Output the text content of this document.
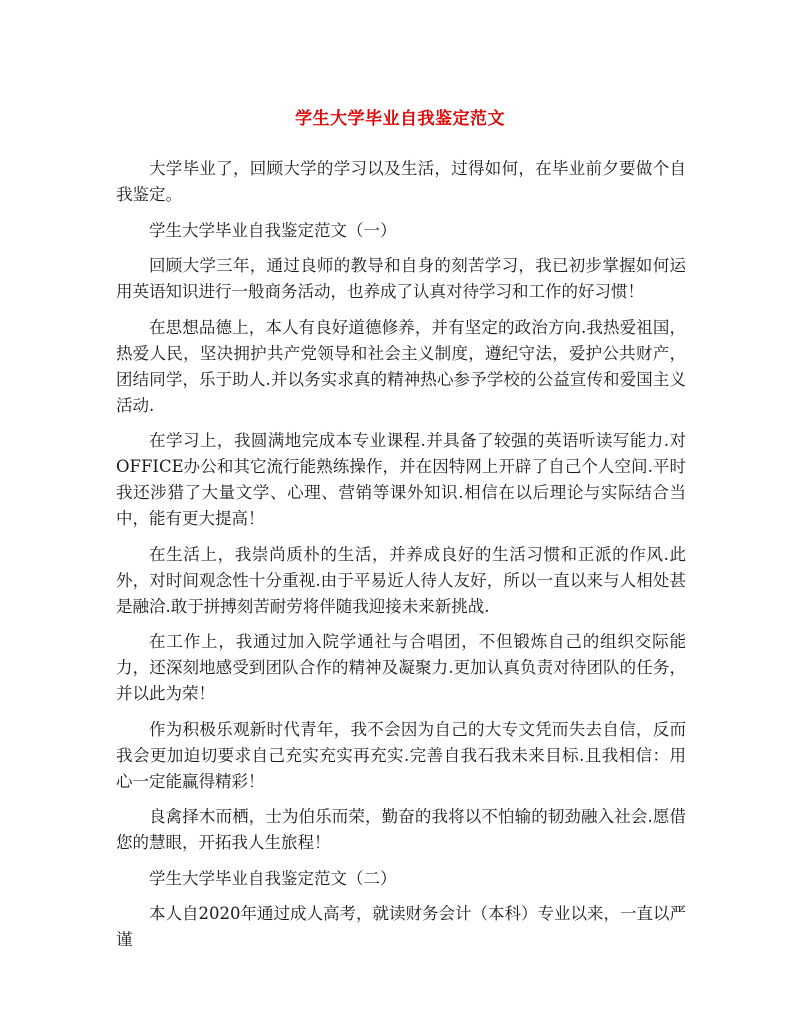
学生大学毕业自我鉴定范文

大学毕业了，回顾大学的学习以及生活，过得如何，在毕业前夕要做个自我鉴定。

学生大学毕业自我鉴定范文（一）

回顾大学三年，通过良师的教导和自身的刻苦学习，我已初步掌握如何运用英语知识进行一般商务活动，也养成了认真对待学习和工作的好习惯！

在思想品德上，本人有良好道德修养，并有坚定的政治方向.我热爱祖国，热爱人民，坚决拥护共产党领导和社会主义制度，遵纪守法，爱护公共财产，团结同学，乐于助人.并以务实求真的精神热心参予学校的公益宣传和爱国主义活动.

在学习上，我圆满地完成本专业课程.并具备了较强的英语听读写能力.对OFFICE办公和其它流行能熟练操作，并在因特网上开辟了自己个人空间.平时我还涉猎了大量文学、心理、营销等课外知识.相信在以后理论与实际结合当中，能有更大提高！

在生活上，我崇尚质朴的生活，并养成良好的生活习惯和正派的作风.此外，对时间观念性十分重视.由于平易近人待人友好，所以一直以来与人相处甚是融洽.敢于拼搏刻苦耐劳将伴随我迎接未来新挑战.

在工作上，我通过加入院学通社与合唱团，不但锻炼自己的组织交际能力，还深刻地感受到团队合作的精神及凝聚力.更加认真负责对待团队的任务，并以此为荣！

作为积极乐观新时代青年，我不会因为自己的大专文凭而失去自信，反而我会更加迫切要求自己充实充实再充实.完善自我石我未来目标.且我相信：用心一定能赢得精彩！

良禽择木而栖，士为伯乐而荣，勤奋的我将以不怕输的韧劲融入社会.愿借您的慧眼，开拓我人生旅程！

学生大学毕业自我鉴定范文（二）

本人自2020年通过成人高考，就读财务会计（本科）专业以来，一直以严谨
